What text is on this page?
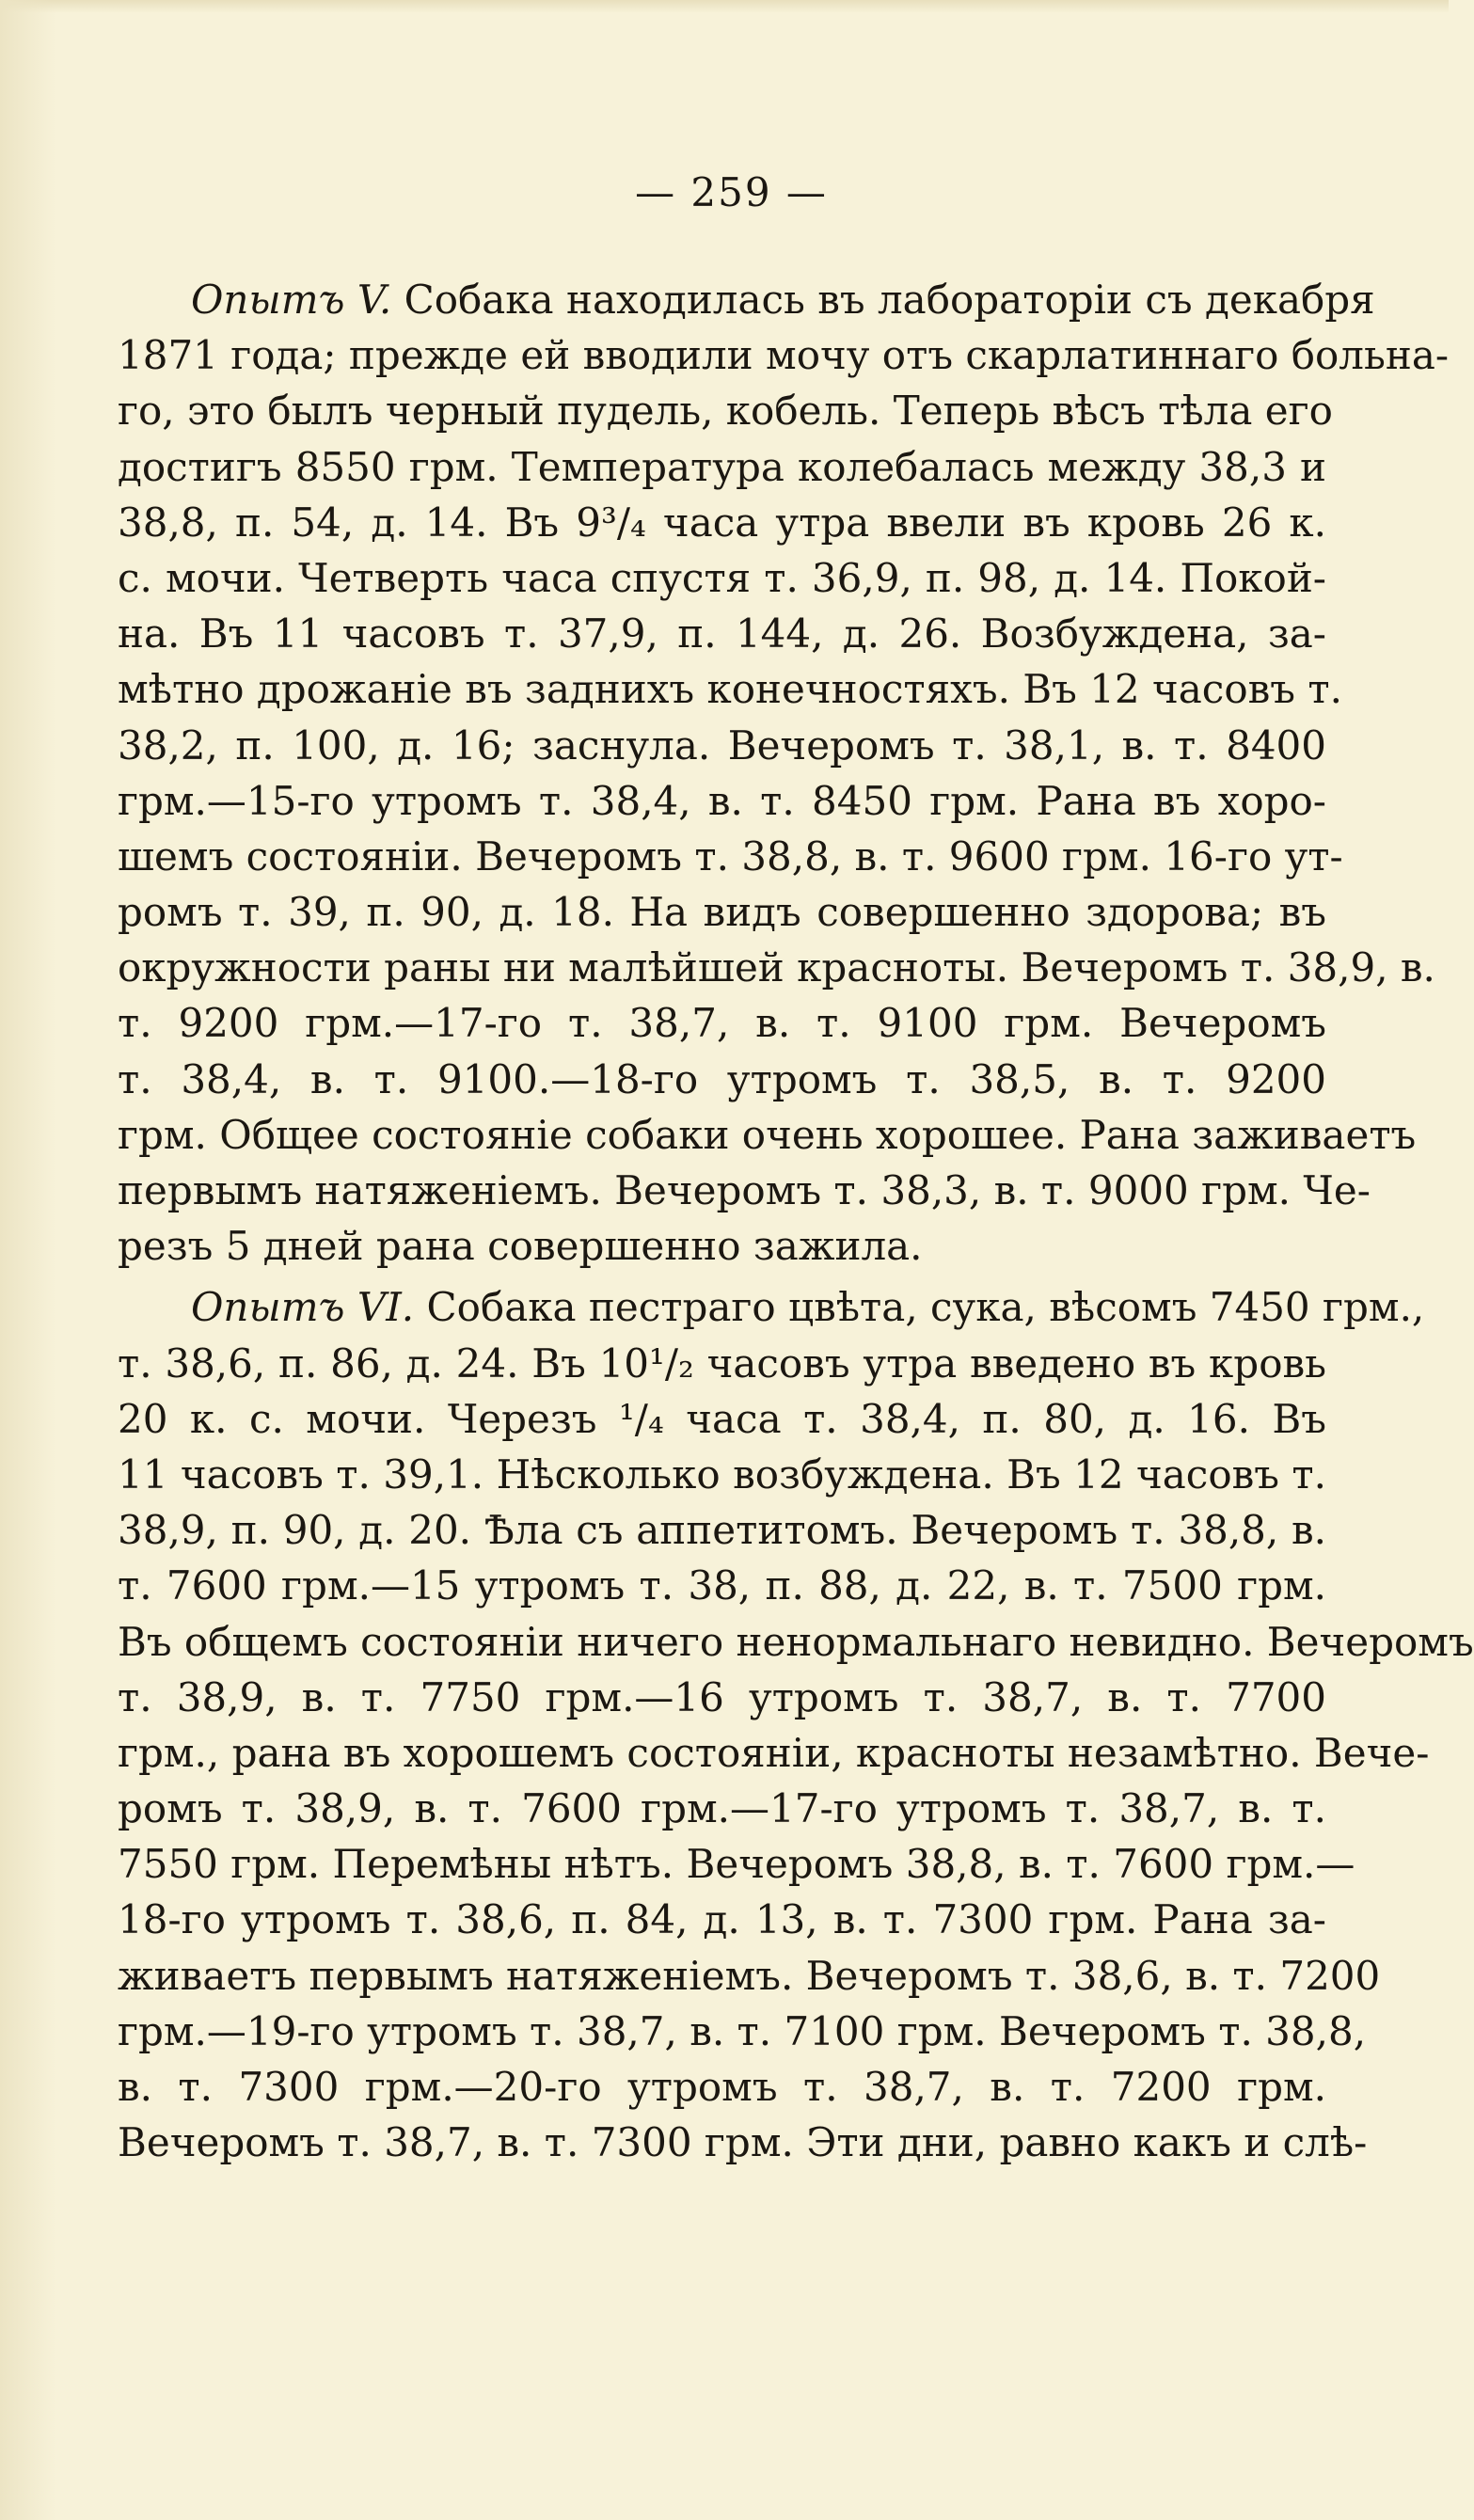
— 259 —
Опытъ V. Собака находилась въ лабораторіи съ декабря
1871 года; прежде ей вводили мочу отъ скарлатиннаго больна-
го, это былъ черный пудель, кобель. Теперь вѣсъ тѣла его
достигъ 8550 грм. Температура колебалась между 38,3 и
38,8, п. 54, д. 14. Въ 9³/₄ часа утра ввели въ кровь 26 к.
с. мочи. Четверть часа спустя т. 36,9, п. 98, д. 14. Покой-
на. Въ 11 часовъ т. 37,9, п. 144, д. 26. Возбуждена, за-
мѣтно дрожаніе въ заднихъ конечностяхъ. Въ 12 часовъ т.
38,2, п. 100, д. 16; заснула. Вечеромъ т. 38,1, в. т. 8400
грм.—15-го утромъ т. 38,4, в. т. 8450 грм. Рана въ хоро-
шемъ состояніи. Вечеромъ т. 38,8, в. т. 9600 грм. 16-го ут-
ромъ т. 39, п. 90, д. 18. На видъ совершенно здорова; въ
окружности раны ни малѣйшей красноты. Вечеромъ т. 38,9, в.
т. 9200 грм.—17-го т. 38,7, в. т. 9100 грм. Вечеромъ
т. 38,4, в. т. 9100.—18-го утромъ т. 38,5, в. т. 9200
грм. Общее состояніе собаки очень хорошее. Рана заживаетъ
первымъ натяженіемъ. Вечеромъ т. 38,3, в. т. 9000 грм. Че-
резъ 5 дней рана совершенно зажила.
Опытъ VI. Собака пестраго цвѣта, сука, вѣсомъ 7450 грм.,
т. 38,6, п. 86, д. 24. Въ 10¹/₂ часовъ утра введено въ кровь
20 к. с. мочи. Черезъ ¹/₄ часа т. 38,4, п. 80, д. 16. Въ
11 часовъ т. 39,1. Нѣсколько возбуждена. Въ 12 часовъ т.
38,9, п. 90, д. 20. Ѣла съ аппетитомъ. Вечеромъ т. 38,8, в.
т. 7600 грм.—15 утромъ т. 38, п. 88, д. 22, в. т. 7500 грм.
Въ общемъ состояніи ничего ненормальнаго невидно. Вечеромъ
т. 38,9, в. т. 7750 грм.—16 утромъ т. 38,7, в. т. 7700
грм., рана въ хорошемъ состояніи, красноты незамѣтно. Вече-
ромъ т. 38,9, в. т. 7600 грм.—17-го утромъ т. 38,7, в. т.
7550 грм. Перемѣны нѣтъ. Вечеромъ 38,8, в. т. 7600 грм.—
18-го утромъ т. 38,6, п. 84, д. 13, в. т. 7300 грм. Рана за-
живаетъ первымъ натяженіемъ. Вечеромъ т. 38,6, в. т. 7200
грм.—19-го утромъ т. 38,7, в. т. 7100 грм. Вечеромъ т. 38,8,
в. т. 7300 грм.—20-го утромъ т. 38,7, в. т. 7200 грм.
Вечеромъ т. 38,7, в. т. 7300 грм. Эти дни, равно какъ и слѣ-
